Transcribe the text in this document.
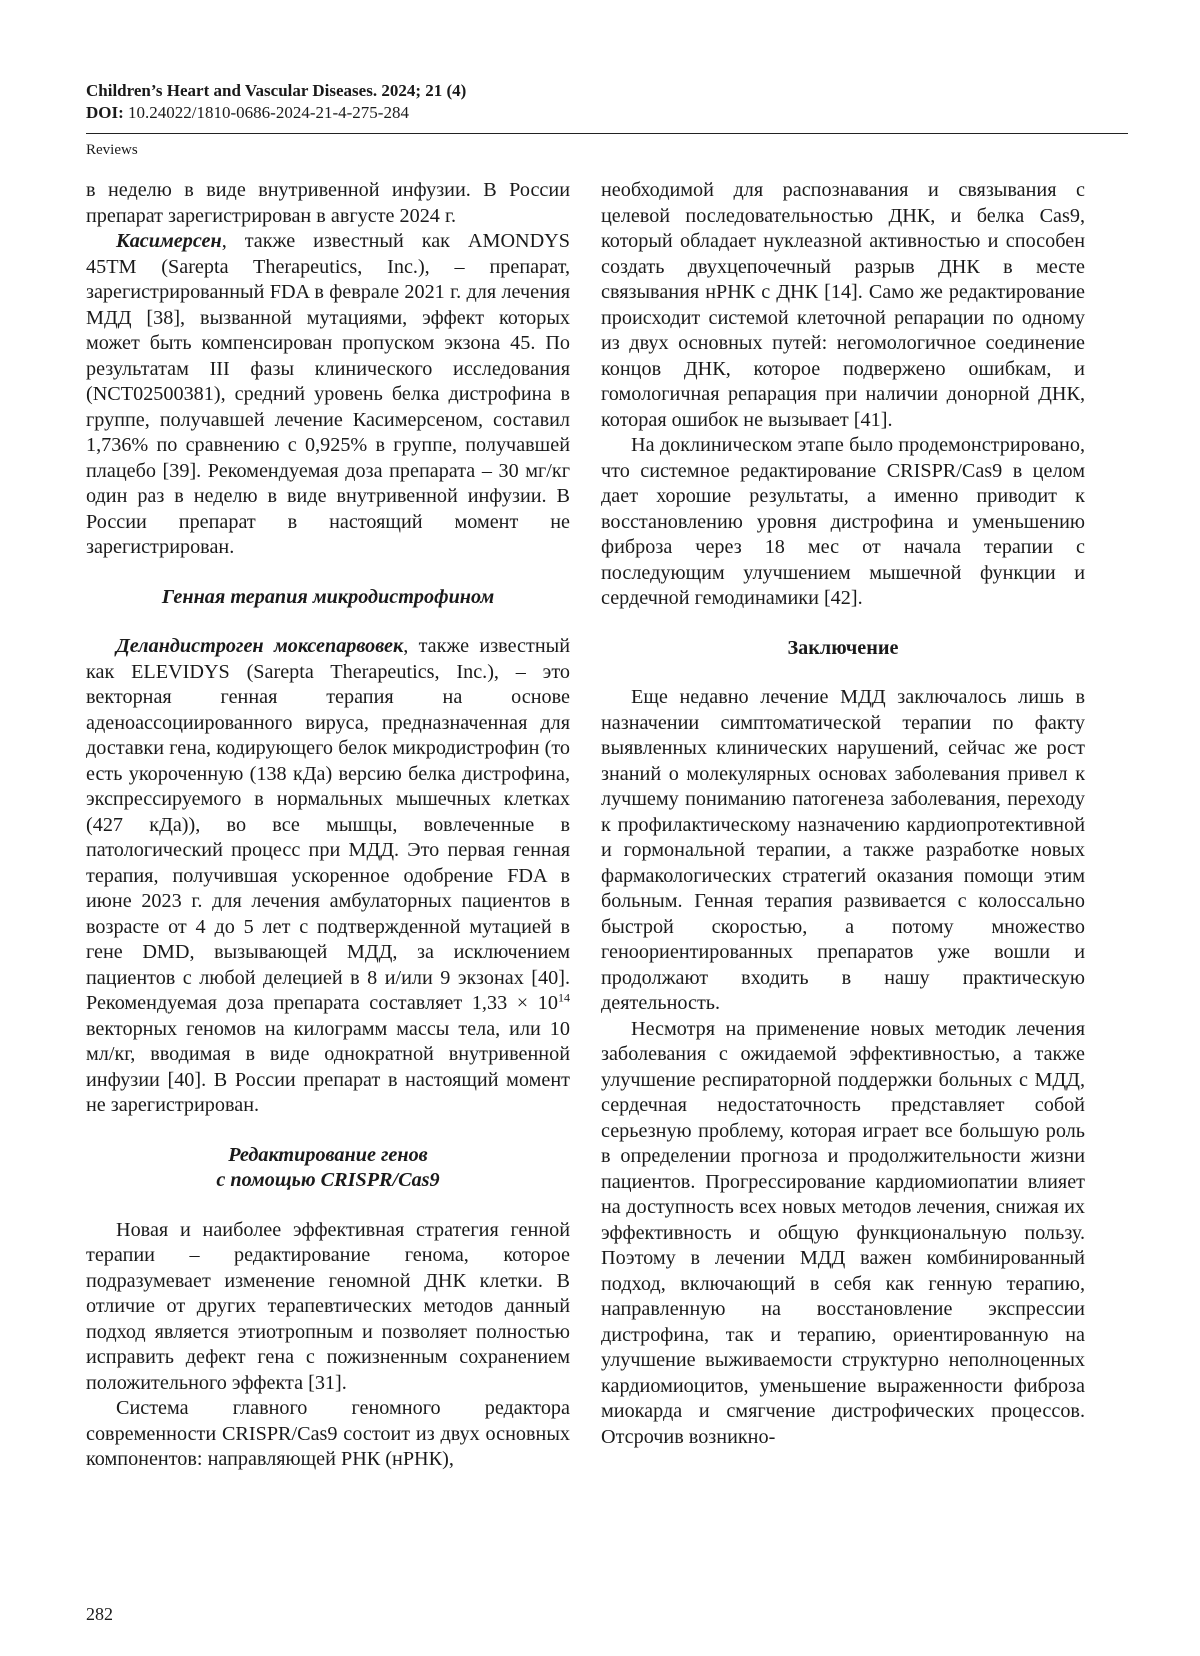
Children’s Heart and Vascular Diseases. 2024; 21 (4)
DOI: 10.24022/1810-0686-2024-21-4-275-284
Reviews

в неделю в виде внутривенной инфузии. В России препарат зарегистрирован в августе 2024 г.

Касимерсен, также известный как AMONDYS 45TM (Sarepta Therapeutics, Inc.), – препарат, зарегистрированный FDA в феврале 2021 г. для лечения МДД [38], вызванной мутациями, эффект которых может быть компенсирован пропуском экзона 45. По результатам III фазы клинического исследования (NCT02500381), средний уровень белка дистрофина в группе, получавшей лечение Касимерсеном, составил 1,736% по сравнению с 0,925% в группе, получавшей плацебо [39]. Рекомендуемая доза препарата – 30 мг/кг один раз в неделю в виде внутривенной инфузии. В России препарат в настоящий момент не зарегистрирован.

Генная терапия микродистрофином

Деландистроген моксепарвовек, также известный как ELEVIDYS (Sarepta Therapeutics, Inc.), – это векторная генная терапия на основе аденоассоциированного вируса, предназначенная для доставки гена, кодирующего белок микродистрофин (то есть укороченную (138 кДа) версию белка дистрофина, экспрессируемого в нормальных мышечных клетках (427 кДа)), во все мышцы, вовлеченные в патологический процесс при МДД. Это первая генная терапия, получившая ускоренное одобрение FDA в июне 2023 г. для лечения амбулаторных пациентов в возрасте от 4 до 5 лет с подтвержденной мутацией в гене DMD, вызывающей МДД, за исключением пациентов с любой делецией в 8 и/или 9 экзонах [40]. Рекомендуемая доза препарата составляет $1,33 \times 10^{14}$ векторных геномов на килограмм массы тела, или 10 мл/кг, вводимая в виде однократной внутривенной инфузии [40]. В России препарат в настоящий момент не зарегистрирован.

Редактирование генов
с помощью CRISPR/Cas9

Новая и наиболее эффективная стратегия генной терапии – редактирование генома, которое подразумевает изменение геномной ДНК клетки. В отличие от других терапевтических методов данный подход является этиотропным и позволяет полностью исправить дефект гена с пожизненным сохранением положительного эффекта [31].

Система главного геномного редактора современности CRISPR/Cas9 состоит из двух основных компонентов: направляющей РНК (нРНК),

необходимой для распознавания и связывания с целевой последовательностью ДНК, и белка Cas9, который обладает нуклеазной активностью и способен создать двухцепочечный разрыв ДНК в месте связывания нРНК с ДНК [14]. Само же редактирование происходит системой клеточной репарации по одному из двух основных путей: негомологичное соединение концов ДНК, которое подвержено ошибкам, и гомологичная репарация при наличии донорной ДНК, которая ошибок не вызывает [41].

На доклиническом этапе было продемонстрировано, что системное редактирование CRISPR/Cas9 в целом дает хорошие результаты, а именно приводит к восстановлению уровня дистрофина и уменьшению фиброза через 18 мес от начала терапии с последующим улучшением мышечной функции и сердечной гемодинамики [42].

Заключение

Еще недавно лечение МДД заключалось лишь в назначении симптоматической терапии по факту выявленных клинических нарушений, сейчас же рост знаний о молекулярных основах заболевания привел к лучшему пониманию патогенеза заболевания, переходу к профилактическому назначению кардиопротективной и гормональной терапии, а также разработке новых фармакологических стратегий оказания помощи этим больным. Генная терапия развивается с колоссально быстрой скоростью, а потому множество геноориентированных препаратов уже вошли и продолжают входить в нашу практическую деятельность.

Несмотря на применение новых методик лечения заболевания с ожидаемой эффективностью, а также улучшение респираторной поддержки больных с МДД, сердечная недостаточность представляет собой серьезную проблему, которая играет все большую роль в определении прогноза и продолжительности жизни пациентов. Прогрессирование кардиомиопатии влияет на доступность всех новых методов лечения, снижая их эффективность и общую функциональную пользу. Поэтому в лечении МДД важен комбинированный подход, включающий в себя как генную терапию, направленную на восстановление экспрессии дистрофина, так и терапию, ориентированную на улучшение выживаемости структурно неполноценных кардиомиоцитов, уменьшение выраженности фиброза миокарда и смягчение дистрофических процессов. Отсрочив возникно-

282
